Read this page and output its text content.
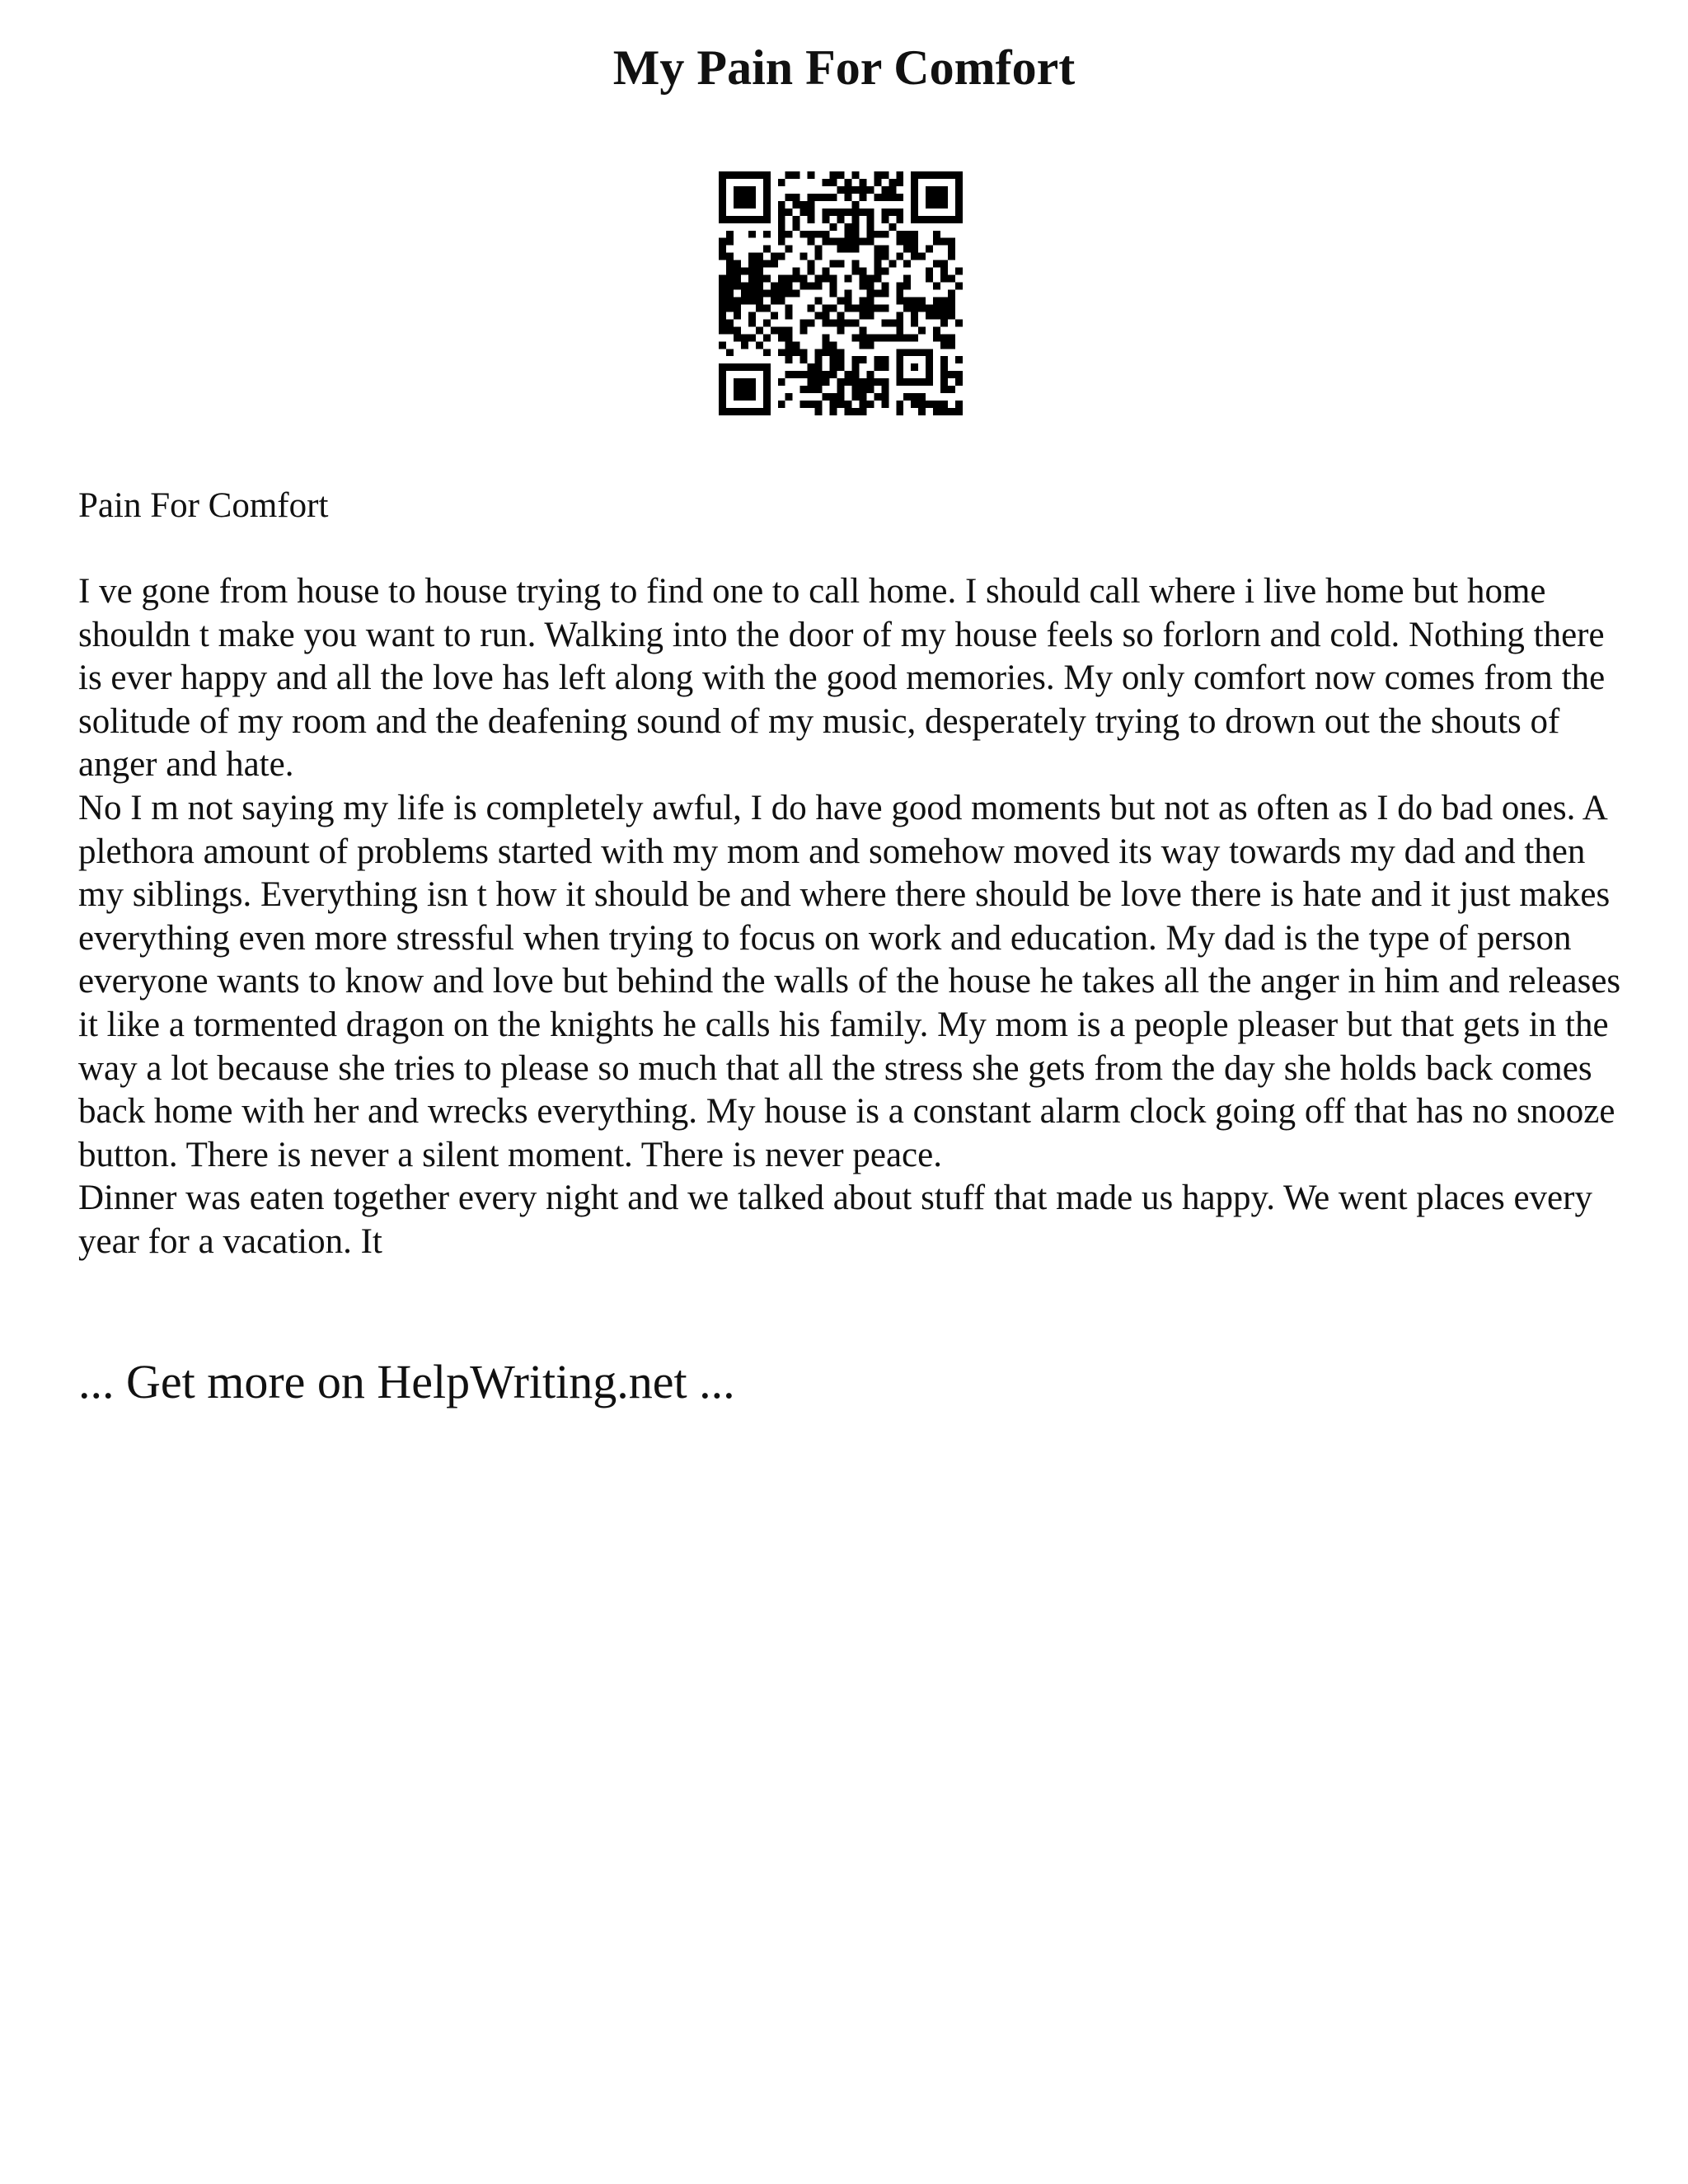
My Pain For Comfort

Pain For Comfort

I ve gone from house to house trying to find one to call home. I should call where i live home but home shouldn t make you want to run. Walking into the door of my house feels so forlorn and cold. Nothing there is ever happy and all the love has left along with the good memories. My only comfort now comes from the solitude of my room and the deafening sound of my music, desperately trying to drown out the shouts of anger and hate.

No I m not saying my life is completely awful, I do have good moments but not as often as I do bad ones. A plethora amount of problems started with my mom and somehow moved its way towards my dad and then my siblings. Everything isn t how it should be and where there should be love there is hate and it just makes everything even more stressful when trying to focus on work and education. My dad is the type of person everyone wants to know and love but behind the walls of the house he takes all the anger in him and releases it like a tormented dragon on the knights he calls his family. My mom is a people pleaser but that gets in the way a lot because she tries to please so much that all the stress she gets from the day she holds back comes back home with her and wrecks everything. My house is a constant alarm clock going off that has no snooze button. There is never a silent moment. There is never peace.

Dinner was eaten together every night and we talked about stuff that made us happy. We went places every year for a vacation. It

... Get more on HelpWriting.net ...
